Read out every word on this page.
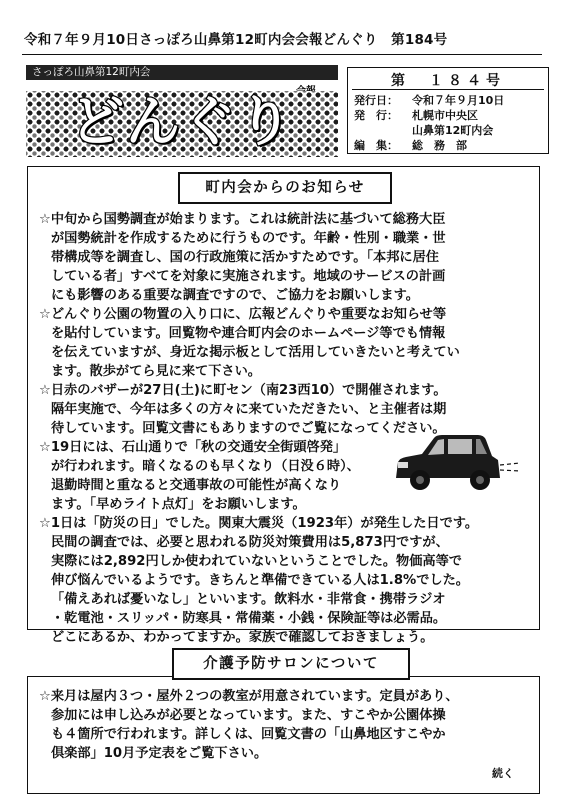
令和７年９月10日さっぽろ山鼻第12町内会会報どんぐり　第184号
さっぽろ山鼻第12町内会
どんぐり
第　１８４号
発行日： 令和７年９月10日
発　行： 札幌市中央区
山鼻第12町内会
編　集： 総　務　部
町内会からのお知らせ
☆中旬から国勢調査が始まります。これは統計法に基づいて総務大臣
が国勢統計を作成するために行うものです。年齢・性別・職業・世
帯構成等を調査し、国の行政施策に活かすためです。「本邦に居住
している者」すべてを対象に実施されます。地域のサービスの計画
にも影響のある重要な調査ですので、ご協力をお願いします。
☆どんぐり公園の物置の入り口に、広報どんぐりや重要なお知らせ等
を貼付しています。回覧物や連合町内会のホームページ等でも情報
を伝えていますが、身近な掲示板として活用していきたいと考えてい
ます。散歩がてら見に来て下さい。
☆日赤のバザーが27日(土)に町セン（南23西10）で開催されます。
隔年実施で、今年は多くの方々に来ていただきたい、と主催者は期
待しています。回覧文書にもありますのでご覧になってください。
☆19日には、石山通りで「秋の交通安全街頭啓発」
が行われます。暗くなるのも早くなり（日没６時）、
退勤時間と重なると交通事故の可能性が高くなり
ます。「早めライト点灯」をお願いします。
☆1日は「防災の日」でした。関東大震災（1923年）が発生した日です。
民間の調査では、必要と思われる防災対策費用は5,873円ですが、
実際には2,892円しか使われていないということでした。物価高等で
伸び悩んでいるようです。きちんと準備できている人は1.8%でした。
「備えあれば憂いなし」といいます。飲料水・非常食・携帯ラジオ
・乾電池・スリッパ・防寒具・常備薬・小銭・保険証等は必需品。
どこにあるか、わかってますか。家族で確認しておきましょう。
介護予防サロンについて
☆来月は屋内３つ・屋外２つの教室が用意されています。定員があり、
参加には申し込みが必要となっています。また、すこやか公園体操
も４箇所で行われます。詳しくは、回覧文書の「山鼻地区すこやか
倶楽部」10月予定表をご覧下さい。
続く
